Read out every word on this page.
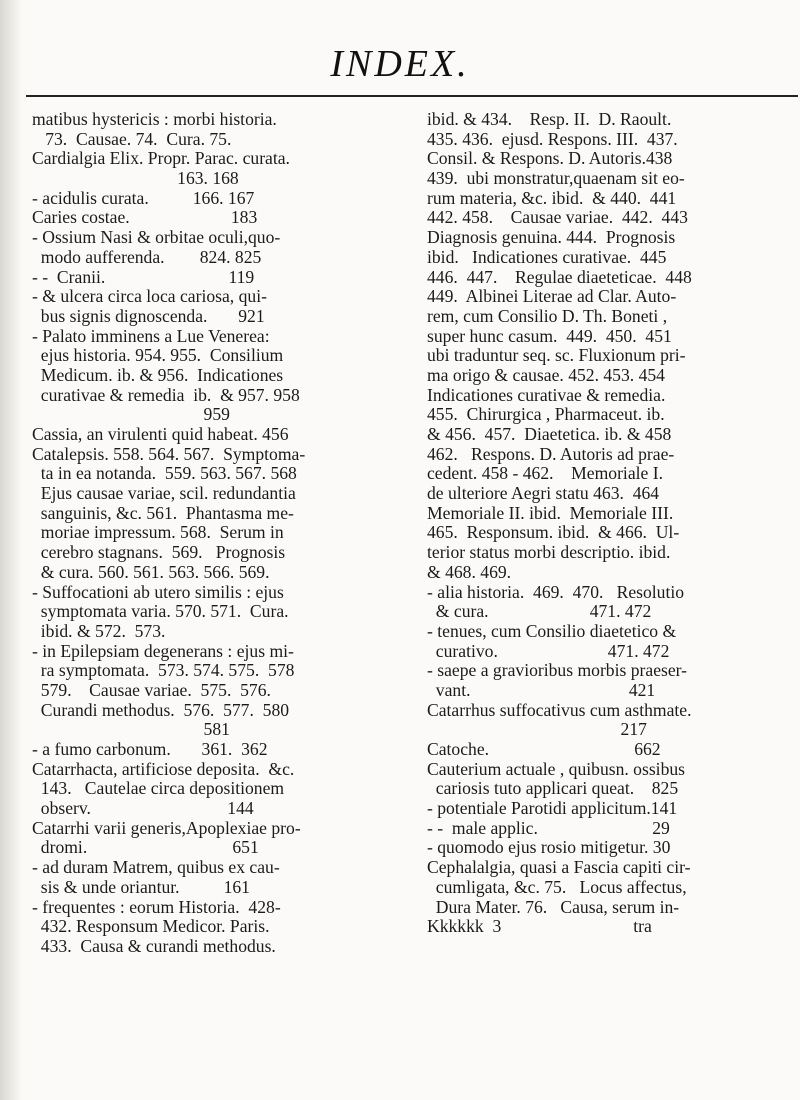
INDEX.
matibus hystericis : morbi historia.
73.  Causae. 74.  Cura. 75.
Cardialgia Elix. Propr. Parac. curata.
163. 168
- acidulis curata.          166. 167
Caries costae.                       183
- Ossium Nasi & orbitae oculi,quo-
modo aufferenda.        824. 825
- -  Cranii.                            119
- & ulcera circa loca cariosa, qui-
bus signis dignoscenda.       921
- Palato imminens a Lue Venerea:
ejus historia. 954. 955.  Consilium
Medicum. ib. & 956.  Indicationes
curativae & remedia  ib.  & 957. 958
959
Cassia, an virulenti quid habeat. 456
Catalepsis. 558. 564. 567.  Symptoma-
ta in ea notanda.  559. 563. 567. 568
Ejus causae variae, scil. redundantia
sanguinis, &c. 561.  Phantasma me-
moriae impressum. 568.  Serum in
cerebro stagnans.  569.   Prognosis
& cura. 560. 561. 563. 566. 569.
- Suffocationi ab utero similis : ejus
symptomata varia. 570. 571.  Cura.
ibid. & 572.  573.
- in Epilepsiam degenerans : ejus mi-
ra symptomata.  573. 574. 575.  578
579.    Causae variae.  575.  576.
Curandi methodus.  576.  577.  580
581
- a fumo carbonum.       361.  362
Catarrhacta, artificiose deposita.  &c.
143.   Cautelae circa depositionem
observ.                               144
Catarrhi varii generis,Apoplexiae pro-
dromi.                                 651
- ad duram Matrem, quibus ex cau-
sis & unde oriantur.          161
- frequentes : eorum Historia.  428-
432. Responsum Medicor. Paris.
433.  Causa & curandi methodus.
ibid. & 434.    Resp. II.  D. Raoult.
435. 436.  ejusd. Respons. III.  437.
Consil. & Respons. D. Autoris.438
439.  ubi monstratur,quaenam sit eo-
rum materia, &c. ibid.  & 440.  441
442. 458.    Causae variae.  442.  443
Diagnosis genuina. 444.  Prognosis
ibid.   Indicationes curativae.  445
446.  447.    Regulae diaeteticae.  448
449.  Albinei Literae ad Clar. Auto-
rem, cum Consilio D. Th. Boneti ,
super hunc casum.  449.  450.  451
ubi traduntur seq. sc. Fluxionum pri-
ma origo & causae. 452. 453. 454
Indicationes curativae & remedia.
455.  Chirurgica , Pharmaceut. ib.
& 456.  457.  Diaetetica. ib. & 458
462.   Respons. D. Autoris ad prae-
cedent. 458 - 462.    Memoriale I.
de ulteriore Aegri statu 463.  464
Memoriale II. ibid.  Memoriale III.
465.  Responsum. ibid.  & 466.  Ul-
terior status morbi descriptio. ibid.
& 468. 469.
- alia historia.  469.  470.   Resolutio
& cura.                       471. 472
- tenues, cum Consilio diaetetico &
curativo.                         471. 472
- saepe a gravioribus morbis praeser-
vant.                                    421
Catarrhus suffocativus cum asthmate.
217
Catoche.                                 662
Cauterium actuale , quibusn. ossibus
cariosis tuto applicari queat.    825
- potentiale Parotidi applicitum.141
- -  male applic.                          29
- quomodo ejus rosio mitigetur. 30
Cephalalgia, quasi a Fascia capiti cir-
cumligata, &c. 75.   Locus affectus,
Dura Mater. 76.   Causa, serum in-
Kkkkkk  3                              tra
